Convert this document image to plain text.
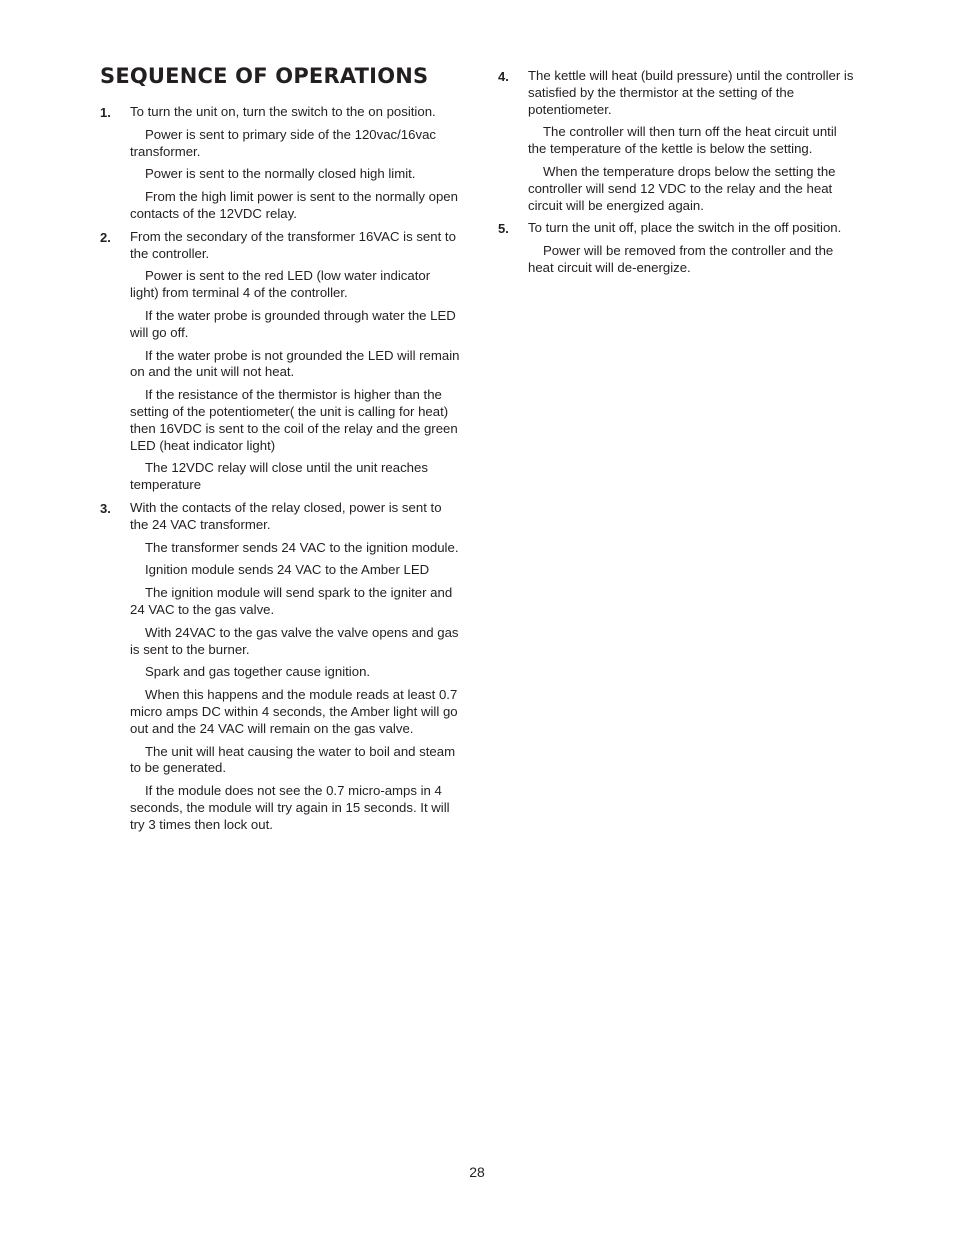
SEQUENCE OF OPERATIONS
1. To turn the unit on, turn the switch to the on position.

Power is sent to primary side of the 120vac/16vac transformer.

Power is sent to the normally closed high limit.

From the high limit power is sent to the normally open contacts of the 12VDC relay.

2. From the secondary of the transformer 16VAC is sent to the controller.

Power is sent to the red LED (low water indicator light) from terminal 4 of the controller.

If the water probe is grounded through water the LED will go off.

If the water probe is not grounded the LED will remain on and the unit will not heat.

If the resistance of the thermistor is higher than the setting of the potentiometer( the unit is calling for heat) then 16VDC is sent to the coil of the relay and the green LED (heat indicator light)

The 12VDC relay will close until the unit reaches temperature

3. With the contacts of the relay closed, power is sent to the 24 VAC transformer.

The transformer sends 24 VAC to the ignition module.

Ignition module sends 24 VAC to the Amber LED

The ignition module will send spark to the igniter and 24 VAC to the gas valve.

With 24VAC to the gas valve the valve opens and gas is sent to the burner.

Spark and gas together cause ignition.

When this happens and the module reads at least 0.7 micro amps DC within 4 seconds, the Amber light will go out and the 24 VAC will remain on the gas valve.

The unit will heat causing the water to boil and steam to be generated.

If the module does not see the 0.7 micro-amps in 4 seconds, the module will try again in 15 seconds. It will try 3 times then lock out.

4. The kettle will heat (build pressure) until the controller is satisfied by the thermistor at the setting of the potentiometer.

The controller will then turn off the heat circuit until the temperature of the kettle is below the setting.

When the temperature drops below the setting the controller will send 12 VDC to the relay and the heat circuit will be energized again.

5. To turn the unit off, place the switch in the off position.

Power will be removed from the controller and the heat circuit will de-energize.

28
